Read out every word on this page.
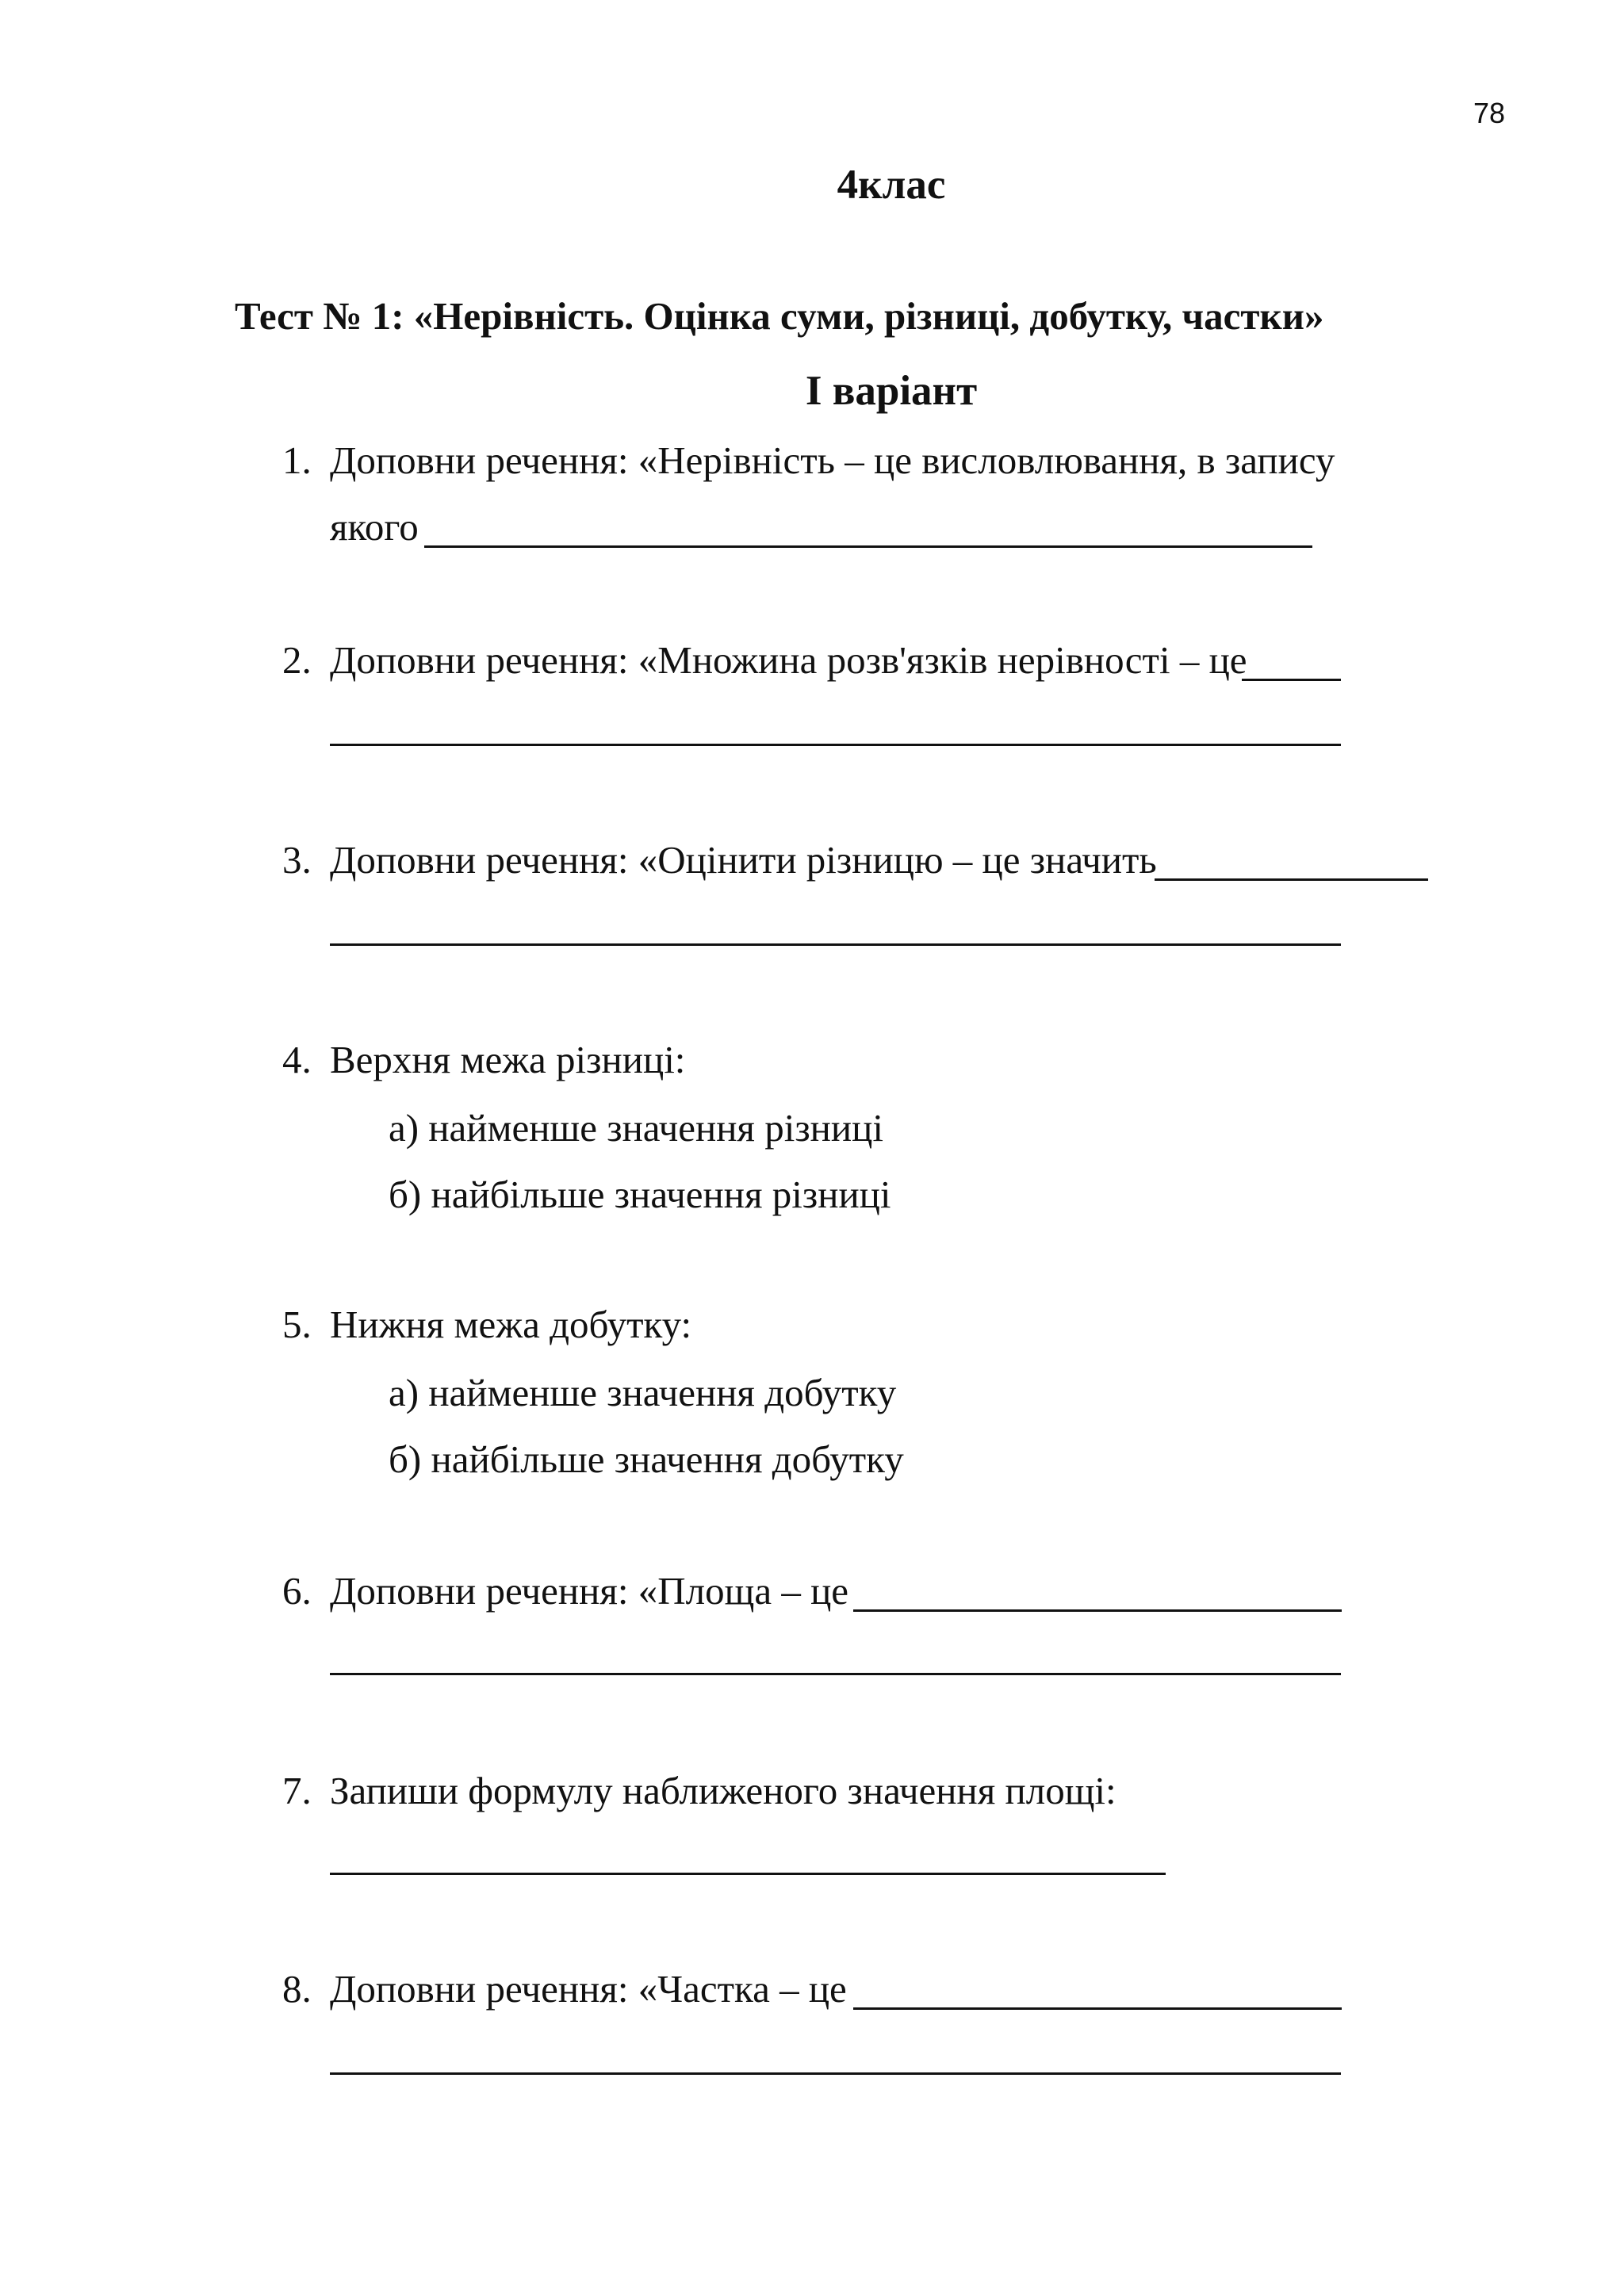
78
4клас
Тест № 1: «Нерівність. Оцінка суми, різниці, добутку, частки»
І варіант
1. Доповни речення: «Нерівність – це висловлювання, в запису
якого
2. Доповни речення: «Множина розв'язків нерівності – це
3. Доповни речення: «Оцінити різницю – це значить
4. Верхня межа різниці:
а) найменше значення різниці
б) найбільше значення різниці
5. Нижня межа добутку:
а) найменше значення добутку
б) найбільше значення добутку
6. Доповни речення: «Площа – це
7. Запиши формулу наближеного значення площі:
8. Доповни речення: «Частка – це
